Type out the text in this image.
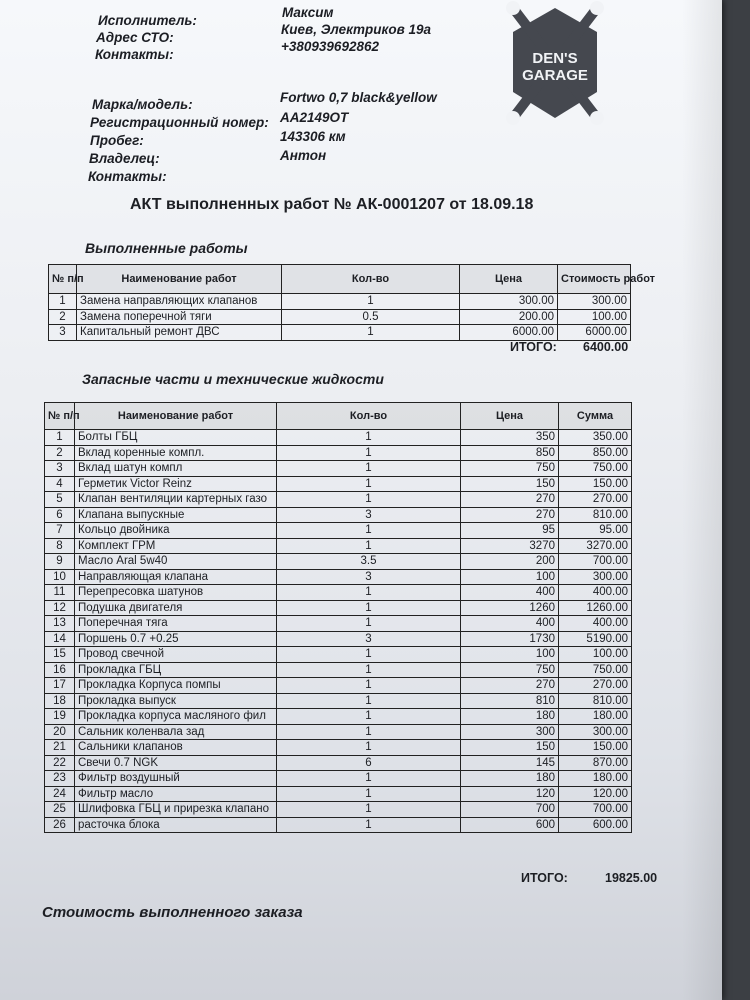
Исполнитель:
Максим
Адрес СТО:
Киев, Электриков 19а
Контакты:
+380939692862
Марка/модель:	Fortwo 0,7 black&yellow
Регистрационный номер: AA2149OT
Пробег:	143306 км
Владелец:	Антон
Контакты:
DEN'S
GARAGE
АКТ выполненных работ № АК-0001207 от 18.09.18
Выполненные работы
№ п/п	Наименование работ	Кол-во	Цена	Стоимость работ
1	Замена направляющих клапанов	1	300.00	300.00
2	Замена поперечной тяги	0.5	200.00	100.00
3	Капитальный ремонт ДВС	1	6000.00	6000.00
ИТОГО: 6400.00
Запасные части и технические жидкости
№ п/п	Наименование работ	Кол-во	Цена	Сумма
1	Болты ГБЦ	1	350	350.00
2	Вклад коренные компл.	1	850	850.00
3	Вклад шатун компл	1	750	750.00
4	Герметик Victor Reinz	1	150	150.00
5	Клапан вентиляции картерных газо	1	270	270.00
6	Клапана выпускные	3	270	810.00
7	Кольцо двойника	1	95	95.00
8	Комплект ГРМ	1	3270	3270.00
9	Масло Aral 5w40	3.5	200	700.00
10	Направляющая клапана	3	100	300.00
11	Перепресовка шатунов	1	400	400.00
12	Подушка двигателя	1	1260	1260.00
13	Поперечная тяга	1	400	400.00
14	Поршень 0.7 +0.25	3	1730	5190.00
15	Провод свечной	1	100	100.00
16	Прокладка ГБЦ	1	750	750.00
17	Прокладка Корпуса помпы	1	270	270.00
18	Прокладка выпуск	1	810	810.00
19	Прокладка корпуса масляного фил	1	180	180.00
20	Сальник коленвала зад	1	300	300.00
21	Сальники клапанов	1	150	150.00
22	Свечи 0.7 NGK	6	145	870.00
23	Фильтр воздушный	1	180	180.00
24	Фильтр масло	1	120	120.00
25	Шлифовка ГБЦ и прирезка клапано	1	700	700.00
26	расточка блока	1	600	600.00
ИТОГО:	19825.00
Стоимость выполненного заказа
